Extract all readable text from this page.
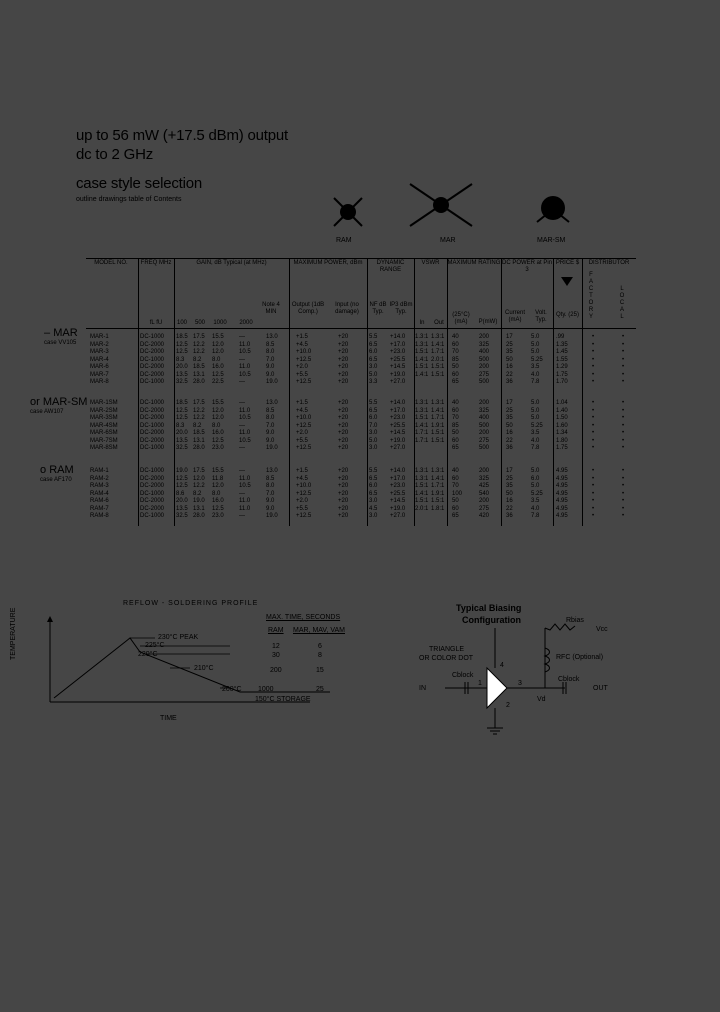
up to 56 mW (+17.5 dBm) output
dc to 2 GHz
case style selection
outline drawings table of Contents
RAM	MAR	MAR-SM
MODEL NO.	FREQ MHz
fL fU
GAIN, dB Typical (at MHz)
100	500	1000	2000
Note 4 MIN
MAXIMUM POWER, dBm
Output (1dB Comp.)
Input (no damage)
DYNAMIC RANGE
NF dB Typ.
IP3 dBm Typ.
VSWR
In	Out
MAXIMUM RATING
(25°C) (mA)	P(mW)
DC POWER at Pin 3
Current (mA)
Volt. Typ.
PRICE $
Qty. (25)
DISTRIBUTOR
FACTORY
LOCAL
– MAR
case VV105
or MAR-SM
case AW107
o RAM
case AF170
MAR-1	DC-1000 18.5 17.5 15.5	—	13.0	+1.5	+20	5.5 +14.0 1.3:1 1.3:1 40	200	17	5.0	.99	•	•
MAR-2	DC-2000 12.5 12.2 12.0	11.0	8.5	+4.5	+20	6.5 +17.0 1.3:1 1.4:1 60	325	25	5.0	1.35	•	•
MAR-3	DC-2000 12.5 12.2 12.0	10.5	8.0	+10.0	+20	6.0 +23.0 1.5:1 1.7:1 70	400	35	5.0	1.45	•	•
MAR-4	DC-1000 8.3 8.2 8.0	—	7.0	+12.5	+20	6.5 +25.5 1.4:1 2.0:1 85	500	50	5.25 1.55	•	•
MAR-6	DC-2000 20.0 18.5 16.0	11.0	9.0	+2.0	+20	3.0 +14.5 1.5:1 1.5:1 50	200	16	3.5	1.29	•	•
MAR-7	DC-2000 13.5 13.1 12.5	10.5	9.0	+5.5	+20	5.0 +19.0 1.4:1 1.5:1 60	275	22	4.0	1.75	•	•
MAR-8	DC-1000 32.5 28.0 22.5	—	19.0	+12.5	+20	3.3 +27.0	65	500	36	7.8	1.70	•	•
MAR-1SM	DC-1000 18.5 17.5 15.5	—	13.0	+1.5	+20	5.5 +14.0 1.3:1 1.3:1 40	200	17	5.0	1.04	•	•
MAR-2SM	DC-2000 12.5 12.2 12.0	11.0	8.5	+4.5	+20	6.5 +17.0 1.3:1 1.4:1 60	325	25	5.0	1.40	•	•
MAR-3SM	DC-2000 12.5 12.2 12.0	10.5	8.0	+10.0	+20	6.0 +23.0 1.5:1 1.7:1 70	400	35	5.0	1.50	•	•
MAR-4SM	DC-1000 8.3 8.2 8.0	—	7.0	+12.5	+20	7.0 +25.5 1.4:1 1.9:1 85	500	50	5.25 1.60	•	•
MAR-6SM	DC-2000 20.0 18.5 16.0	11.0	9.0	+2.0	+20	3.0 +14.5 1.7:1 1.5:1 50	200	16	3.5	1.34	•	•
MAR-7SM	DC-2000 13.5 13.1 12.5	10.5	9.0	+5.5	+20	5.0 +19.0 1.7:1 1.5:1 60	275	22	4.0	1.80	•	•
MAR-8SM	DC-1000 32.5 28.0 23.0	—	19.0	+12.5	+20	3.0 +27.0	65	500	36	7.8	1.75	•	•
RAM-1	DC-1000 19.0 17.5 15.5	—	13.0	+1.5	+20	5.5 +14.0 1.3:1 1.3:1 40	200	17	5.0	4.95	•	•
RAM-2	DC-2000 12.5 12.0 11.8	11.0	8.5	+4.5	+20	6.5 +17.0 1.3:1 1.4:1 60	325	25	6.0	4.95	•	•
RAM-3	DC-2000 12.5 12.2 12.0	10.5	8.0	+10.0	+20	6.0 +23.0 1.5:1 1.7:1 70	425	35	5.0	4.95	•	•
RAM-4	DC-1000 8.6 8.2 8.0	—	7.0	+12.5	+20	6.5 +25.5 1.4:1 1.9:1 100	540	50	5.25 4.95	•	•
RAM-6	DC-2000 20.0 19.0 16.0	11.0	9.0	+2.0	+20	3.0 +14.5 1.5:1 1.5:1 50	200	16	3.5	4.95	•	•
RAM-7	DC-2000 13.5 13.1 12.5	11.0	9.0	+5.5	+20	4.5 +19.0 2.0:1 1.8:1 60	275	22	4.0	4.95	•	•
RAM-8	DC-1000 32.5 28.0 23.0	—	19.0	+12.5	+20	3.0 +27.0	65	420	36	7.8	4.95	•	•
REFLOW - SOLDERING PROFILE
TEMPERATURE
TIME
230°C PEAK
225°C
220°C
210°C
200°C
150°C STORAGE
MAX. TIME, SECONDS
RAM MAR, MAV, VAM
12	6
30	8
200	15
1000	25
Typical Biasing
Configuration	Rbias
Vcc
RFC (Optional)
TRIANGLE
OR COLOR DOT
IN	OUT
Cblock
Cblock
Vd
1
2
3
4
